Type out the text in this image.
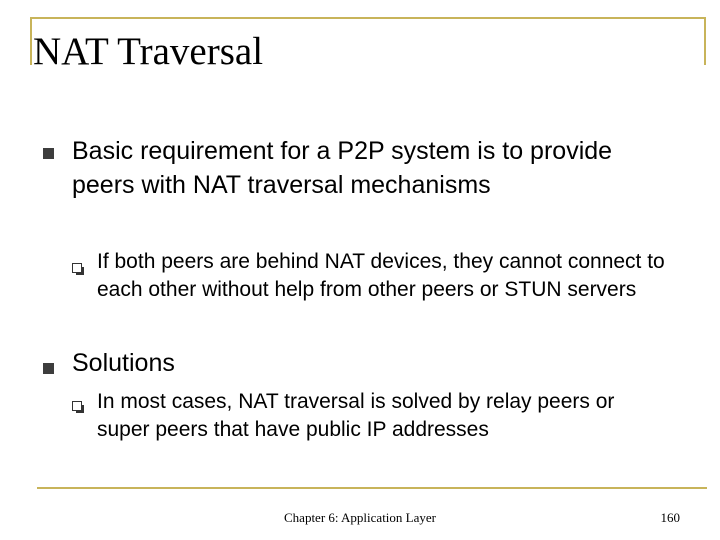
NAT Traversal
Basic requirement for a P2P system is to provide peers with NAT traversal mechanisms
If both peers are behind NAT devices, they cannot connect to each other without help from other peers or STUN servers
Solutions
In most cases, NAT traversal is solved by relay peers or super peers that have public IP addresses
Chapter 6: Application Layer	160
